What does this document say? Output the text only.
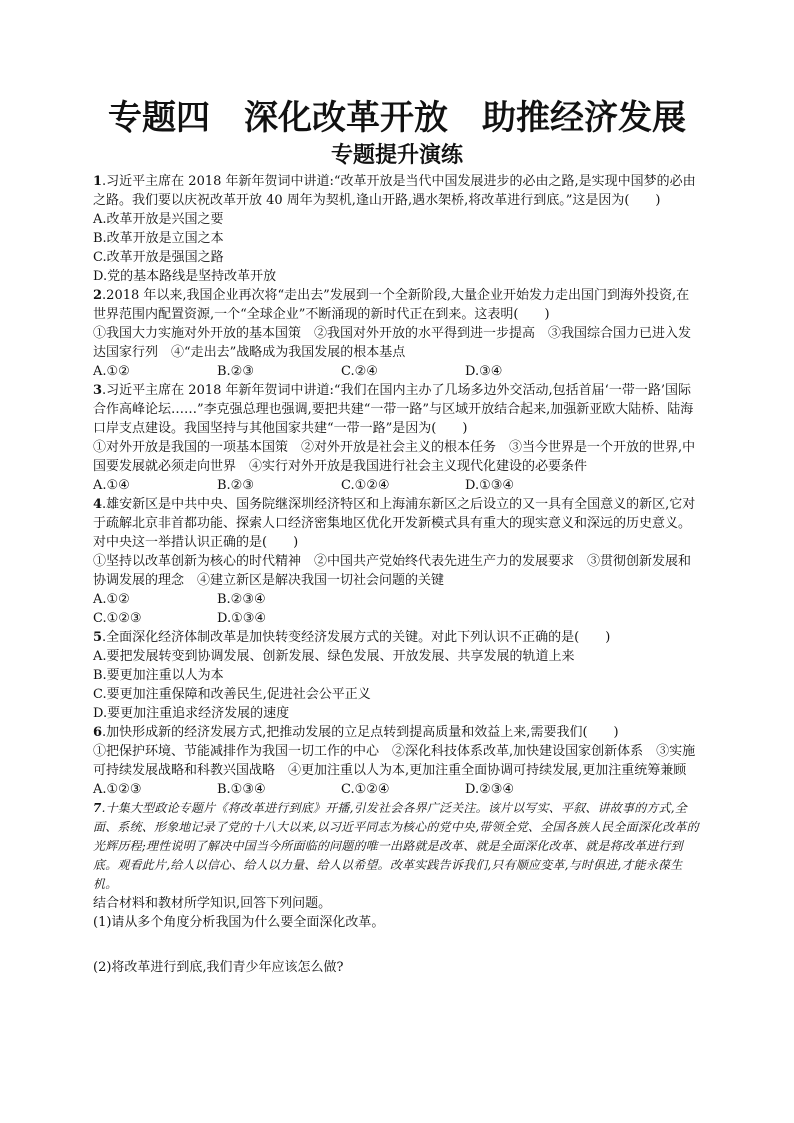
专题四　深化改革开放　助推经济发展
专题提升演练
1.习近平主席在 2018 年新年贺词中讲道:“改革开放是当代中国发展进步的必由之路,是实现中国梦的必由之路。我们要以庆祝改革开放 40 周年为契机,逢山开路,遇水架桥,将改革进行到底。”这是因为(　　)
A.改革开放是兴国之要
B.改革开放是立国之本
C.改革开放是强国之路
D.党的基本路线是坚持改革开放
2.2018 年以来,我国企业再次将“走出去”发展到一个全新阶段,大量企业开始发力走出国门到海外投资,在世界范围内配置资源,一个“全球企业”不断涌现的新时代正在到来。这表明(　　)
①我国大力实施对外开放的基本国策　②我国对外开放的水平得到进一步提高　③我国综合国力已进入发达国家行列　④“走出去”战略成为我国发展的根本基点
A.①②	B.②③	C.②④	D.③④
3.习近平主席在 2018 年新年贺词中讲道:“我们在国内主办了几场多边外交活动,包括首届‘一带一路’国际合作高峰论坛……”李克强总理也强调,要把共建“一带一路”与区域开放结合起来,加强新亚欧大陆桥、陆海口岸支点建设。我国坚持与其他国家共建“一带一路”是因为(　　)
①对外开放是我国的一项基本国策　②对外开放是社会主义的根本任务　③当今世界是一个开放的世界,中国要发展就必须走向世界　④实行对外开放是我国进行社会主义现代化建设的必要条件
A.①④	B.②③	C.①②④	D.①③④
4.雄安新区是中共中央、国务院继深圳经济特区和上海浦东新区之后设立的又一具有全国意义的新区,它对于疏解北京非首都功能、探索人口经济密集地区优化开发新模式具有重大的现实意义和深远的历史意义。对中央这一举措认识正确的是(　　)
①坚持以改革创新为核心的时代精神　②中国共产党始终代表先进生产力的发展要求　③贯彻创新发展和协调发展的理念　④建立新区是解决我国一切社会问题的关键
A.①②	B.②③④
C.①②③	D.①③④
5.全面深化经济体制改革是加快转变经济发展方式的关键。对此下列认识不正确的是(　　)
A.要把发展转变到协调发展、创新发展、绿色发展、开放发展、共享发展的轨道上来
B.要更加注重以人为本
C.要更加注重保障和改善民生,促进社会公平正义
D.要更加注重追求经济发展的速度
6.加快形成新的经济发展方式,把推动发展的立足点转到提高质量和效益上来,需要我们(　　)
①把保护环境、节能减排作为我国一切工作的中心　②深化科技体系改革,加快建设国家创新体系　③实施可持续发展战略和科教兴国战略　④更加注重以人为本,更加注重全面协调可持续发展,更加注重统筹兼顾
A.①②③	B.①③④	C.①②④	D.②③④
7.十集大型政论专题片《将改革进行到底》开播,引发社会各界广泛关注。该片以写实、平叙、讲故事的方式,全面、系统、形象地记录了党的十八大以来,以习近平同志为核心的党中央,带领全党、全国各族人民全面深化改革的光辉历程;理性说明了解决中国当今所面临的问题的唯一出路就是改革、就是全面深化改革、就是将改革进行到底。观看此片,给人以信心、给人以力量、给人以希望。改革实践告诉我们,只有顺应变革,与时俱进,才能永葆生机。
结合材料和教材所学知识,回答下列问题。
(1)请从多个角度分析我国为什么要全面深化改革。
(2)将改革进行到底,我们青少年应该怎么做?
